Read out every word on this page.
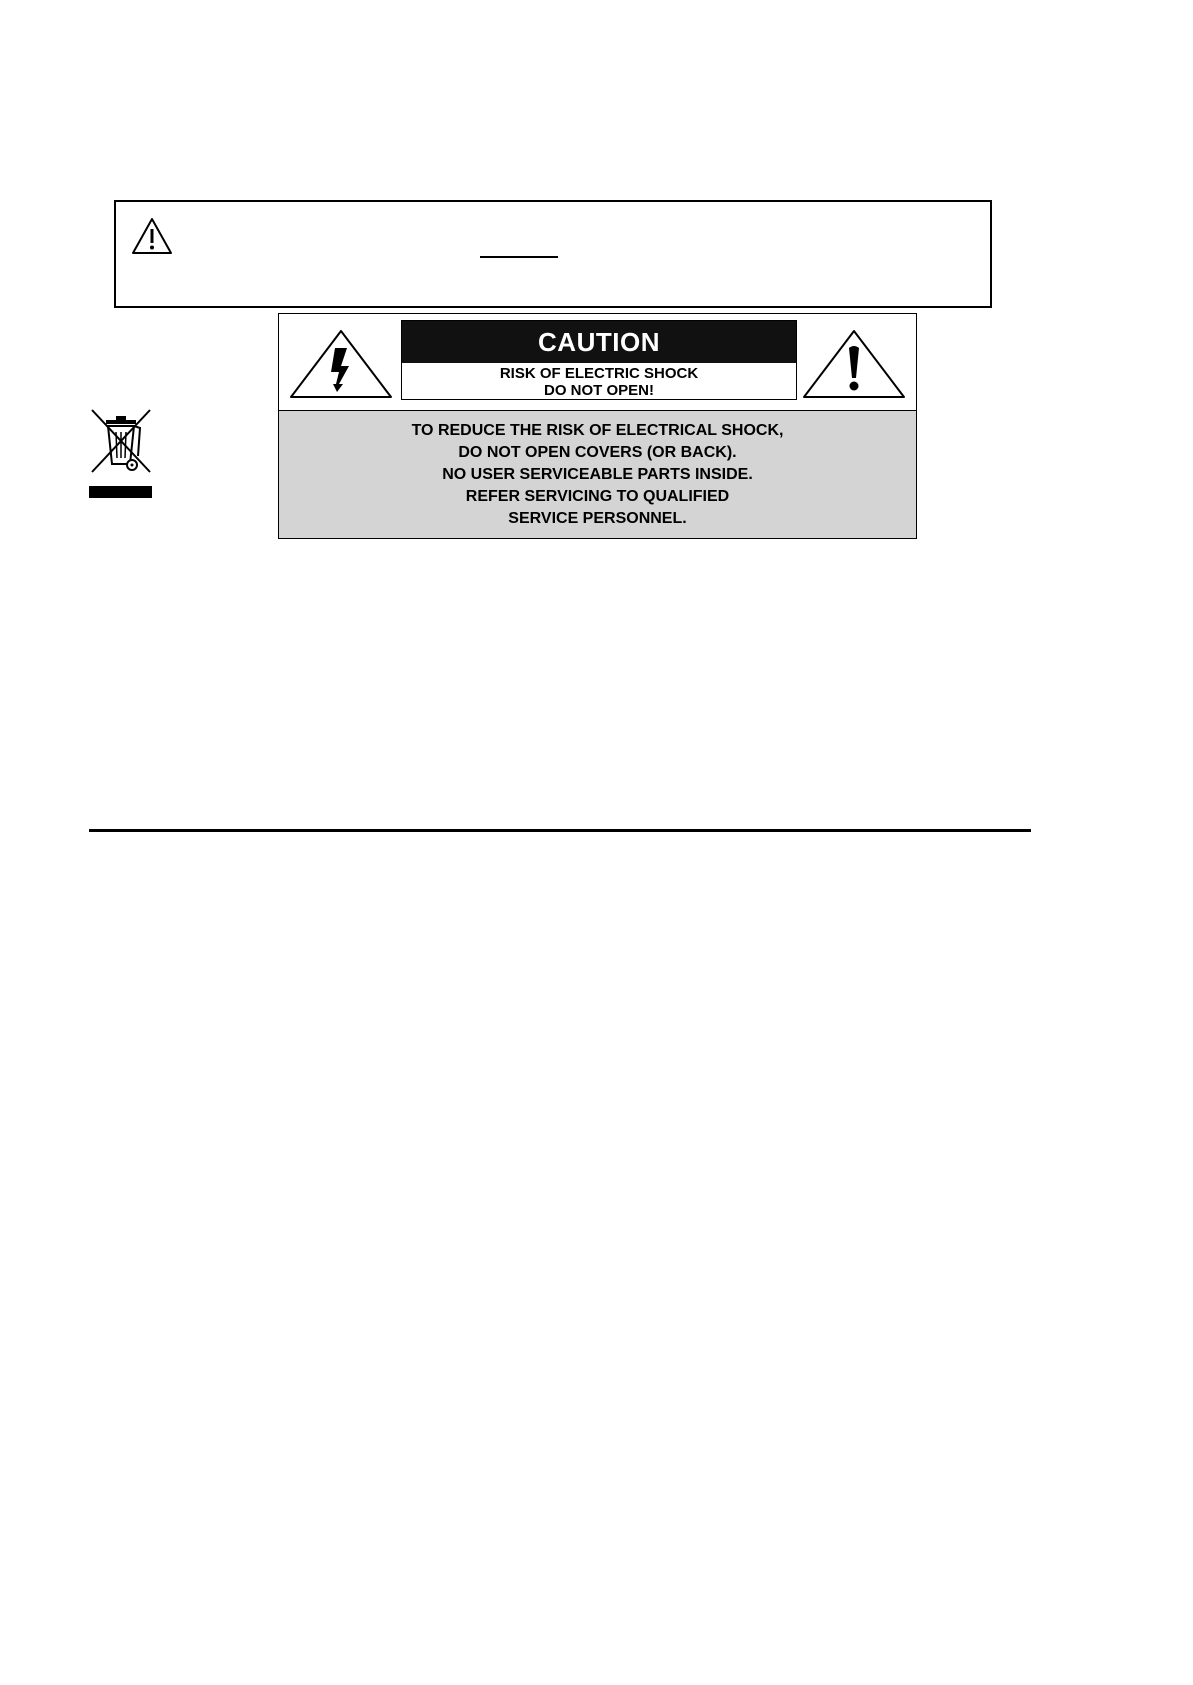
CAUTION
RISK OF ELECTRIC SHOCK
DO NOT OPEN!
TO REDUCE THE RISK OF ELECTRICAL SHOCK,
DO NOT OPEN COVERS (OR BACK).
NO USER SERVICEABLE PARTS INSIDE.
REFER SERVICING TO QUALIFIED
SERVICE PERSONNEL.
